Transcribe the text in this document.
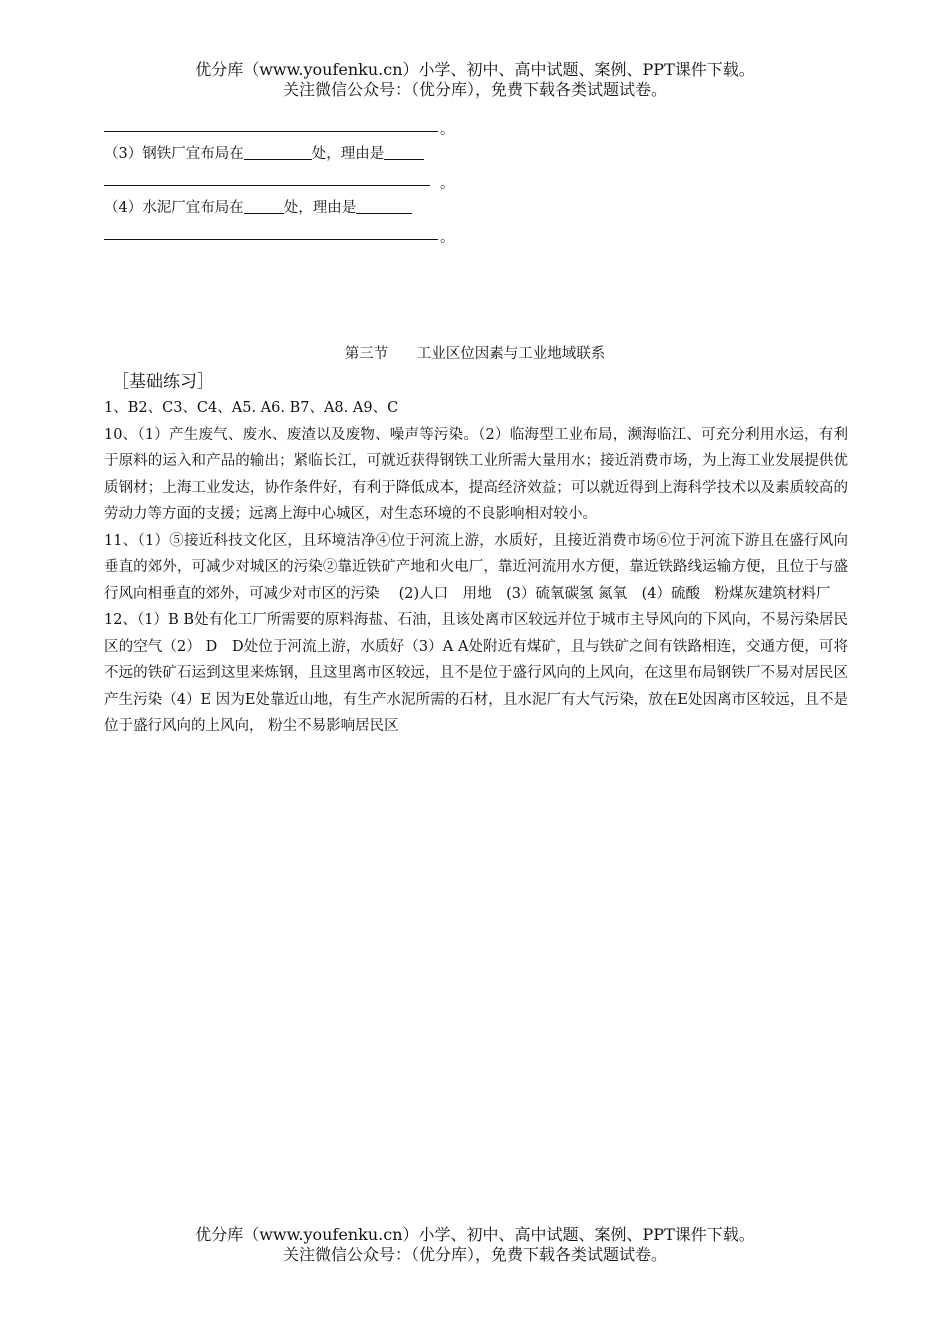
优分库（www.youfenku.cn）小学、初中、高中试题、案例、PPT课件下载。
关注微信公众号：（优分库），免费下载各类试题试卷。
。
（3）钢铁厂宜布局在	处，理由是
。
（4）水泥厂宜布局在	处，理由是
。
第三节 工业区位因素与工业地域联系
［基础练习］

1、B2、C3、C4、A5. A6. B7、A8. A9、C

10、（1）产生废气、废水、废渣以及废物、噪声等污染。（2）临海型工业布局，濒海临江、可充分利用水运，有利于原料的运入和产品的输出；紧临长江，可就近获得钢铁工业所需大量用水；接近消费市场，为上海工业发展提供优质钢材；上海工业发达，协作条件好，有利于降低成本，提高经济效益；可以就近得到上海科学技术以及素质较高的劳动力等方面的支援；远离上海中心城区，对生态环境的不良影响相对较小。

11、（1）⑤接近科技文化区，且环境洁净④位于河流上游，水质好，且接近消费市场⑥位于河流下游且在盛行风向垂直的郊外，可减少对城区的污染②靠近铁矿产地和火电厂，靠近河流用水方便，靠近铁路线运输方便，且位于与盛行风向相垂直的郊外，可减少对市区的污染　 (2)人口　用地　(3）硫氧碳氢 氮氧　(4）硫酸　粉煤灰建筑材料厂

12、（1）B B处有化工厂所需要的原料海盐、石油，且该处离市区较远并位于城市主导风向的下风向，不易污染居民区的空气（2） D　D处位于河流上游，水质好（3）A A处附近有煤矿，且与铁矿之间有铁路相连，交通方便，可将不远的铁矿石运到这里来炼钢，且这里离市区较远，且不是位于盛行风向的上风向，在这里布局钢铁厂不易对居民区产生污染（4）E 因为E处靠近山地，有生产水泥所需的石材，且水泥厂有大气污染，放在E处因离市区较远，且不是位于盛行风向的上风向， 粉尘不易影响居民区

优分库（www.youfenku.cn）小学、初中、高中试题、案例、PPT课件下载。
关注微信公众号：（优分库），免费下载各类试题试卷。
